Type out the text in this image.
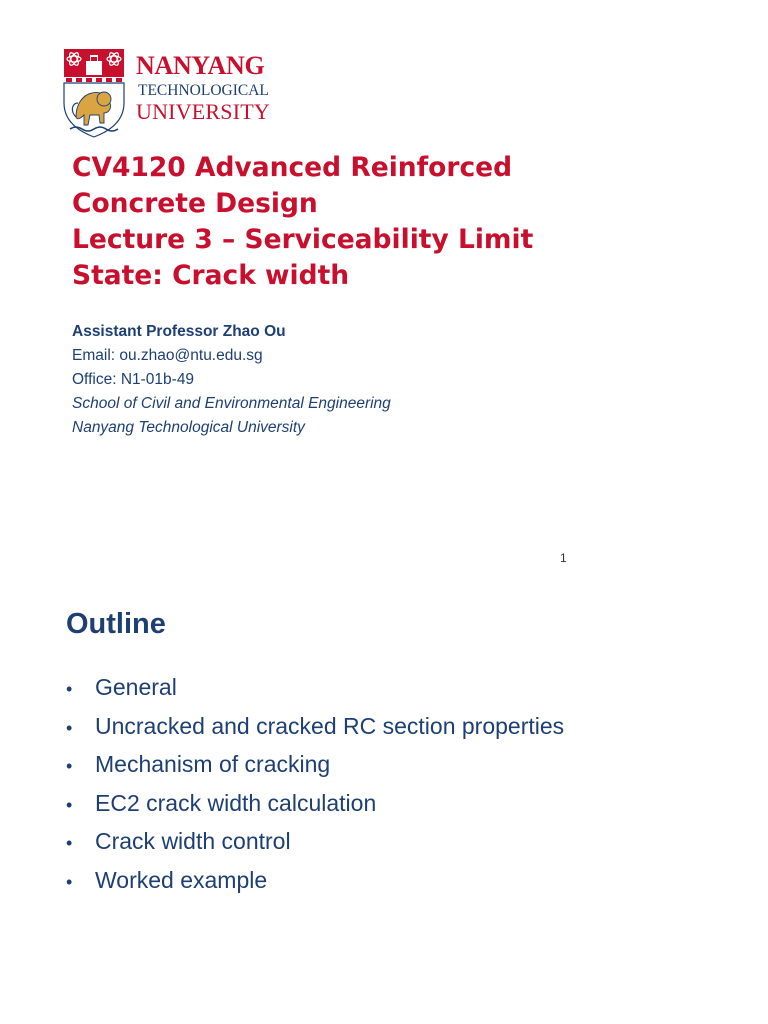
NANYANG
TECHNOLOGICAL
UNIVERSITY
CV4120 Advanced Reinforced
Concrete Design
Lecture 3 – Serviceability Limit
State: Crack width
Assistant Professor Zhao Ou
Email: ou.zhao@ntu.edu.sg
Office: N1-01b-49
School of Civil and Environmental Engineering
Nanyang Technological University
1
Outline
• General
• Uncracked and cracked RC section properties
• Mechanism of cracking
• EC2 crack width calculation
• Crack width control
• Worked example
